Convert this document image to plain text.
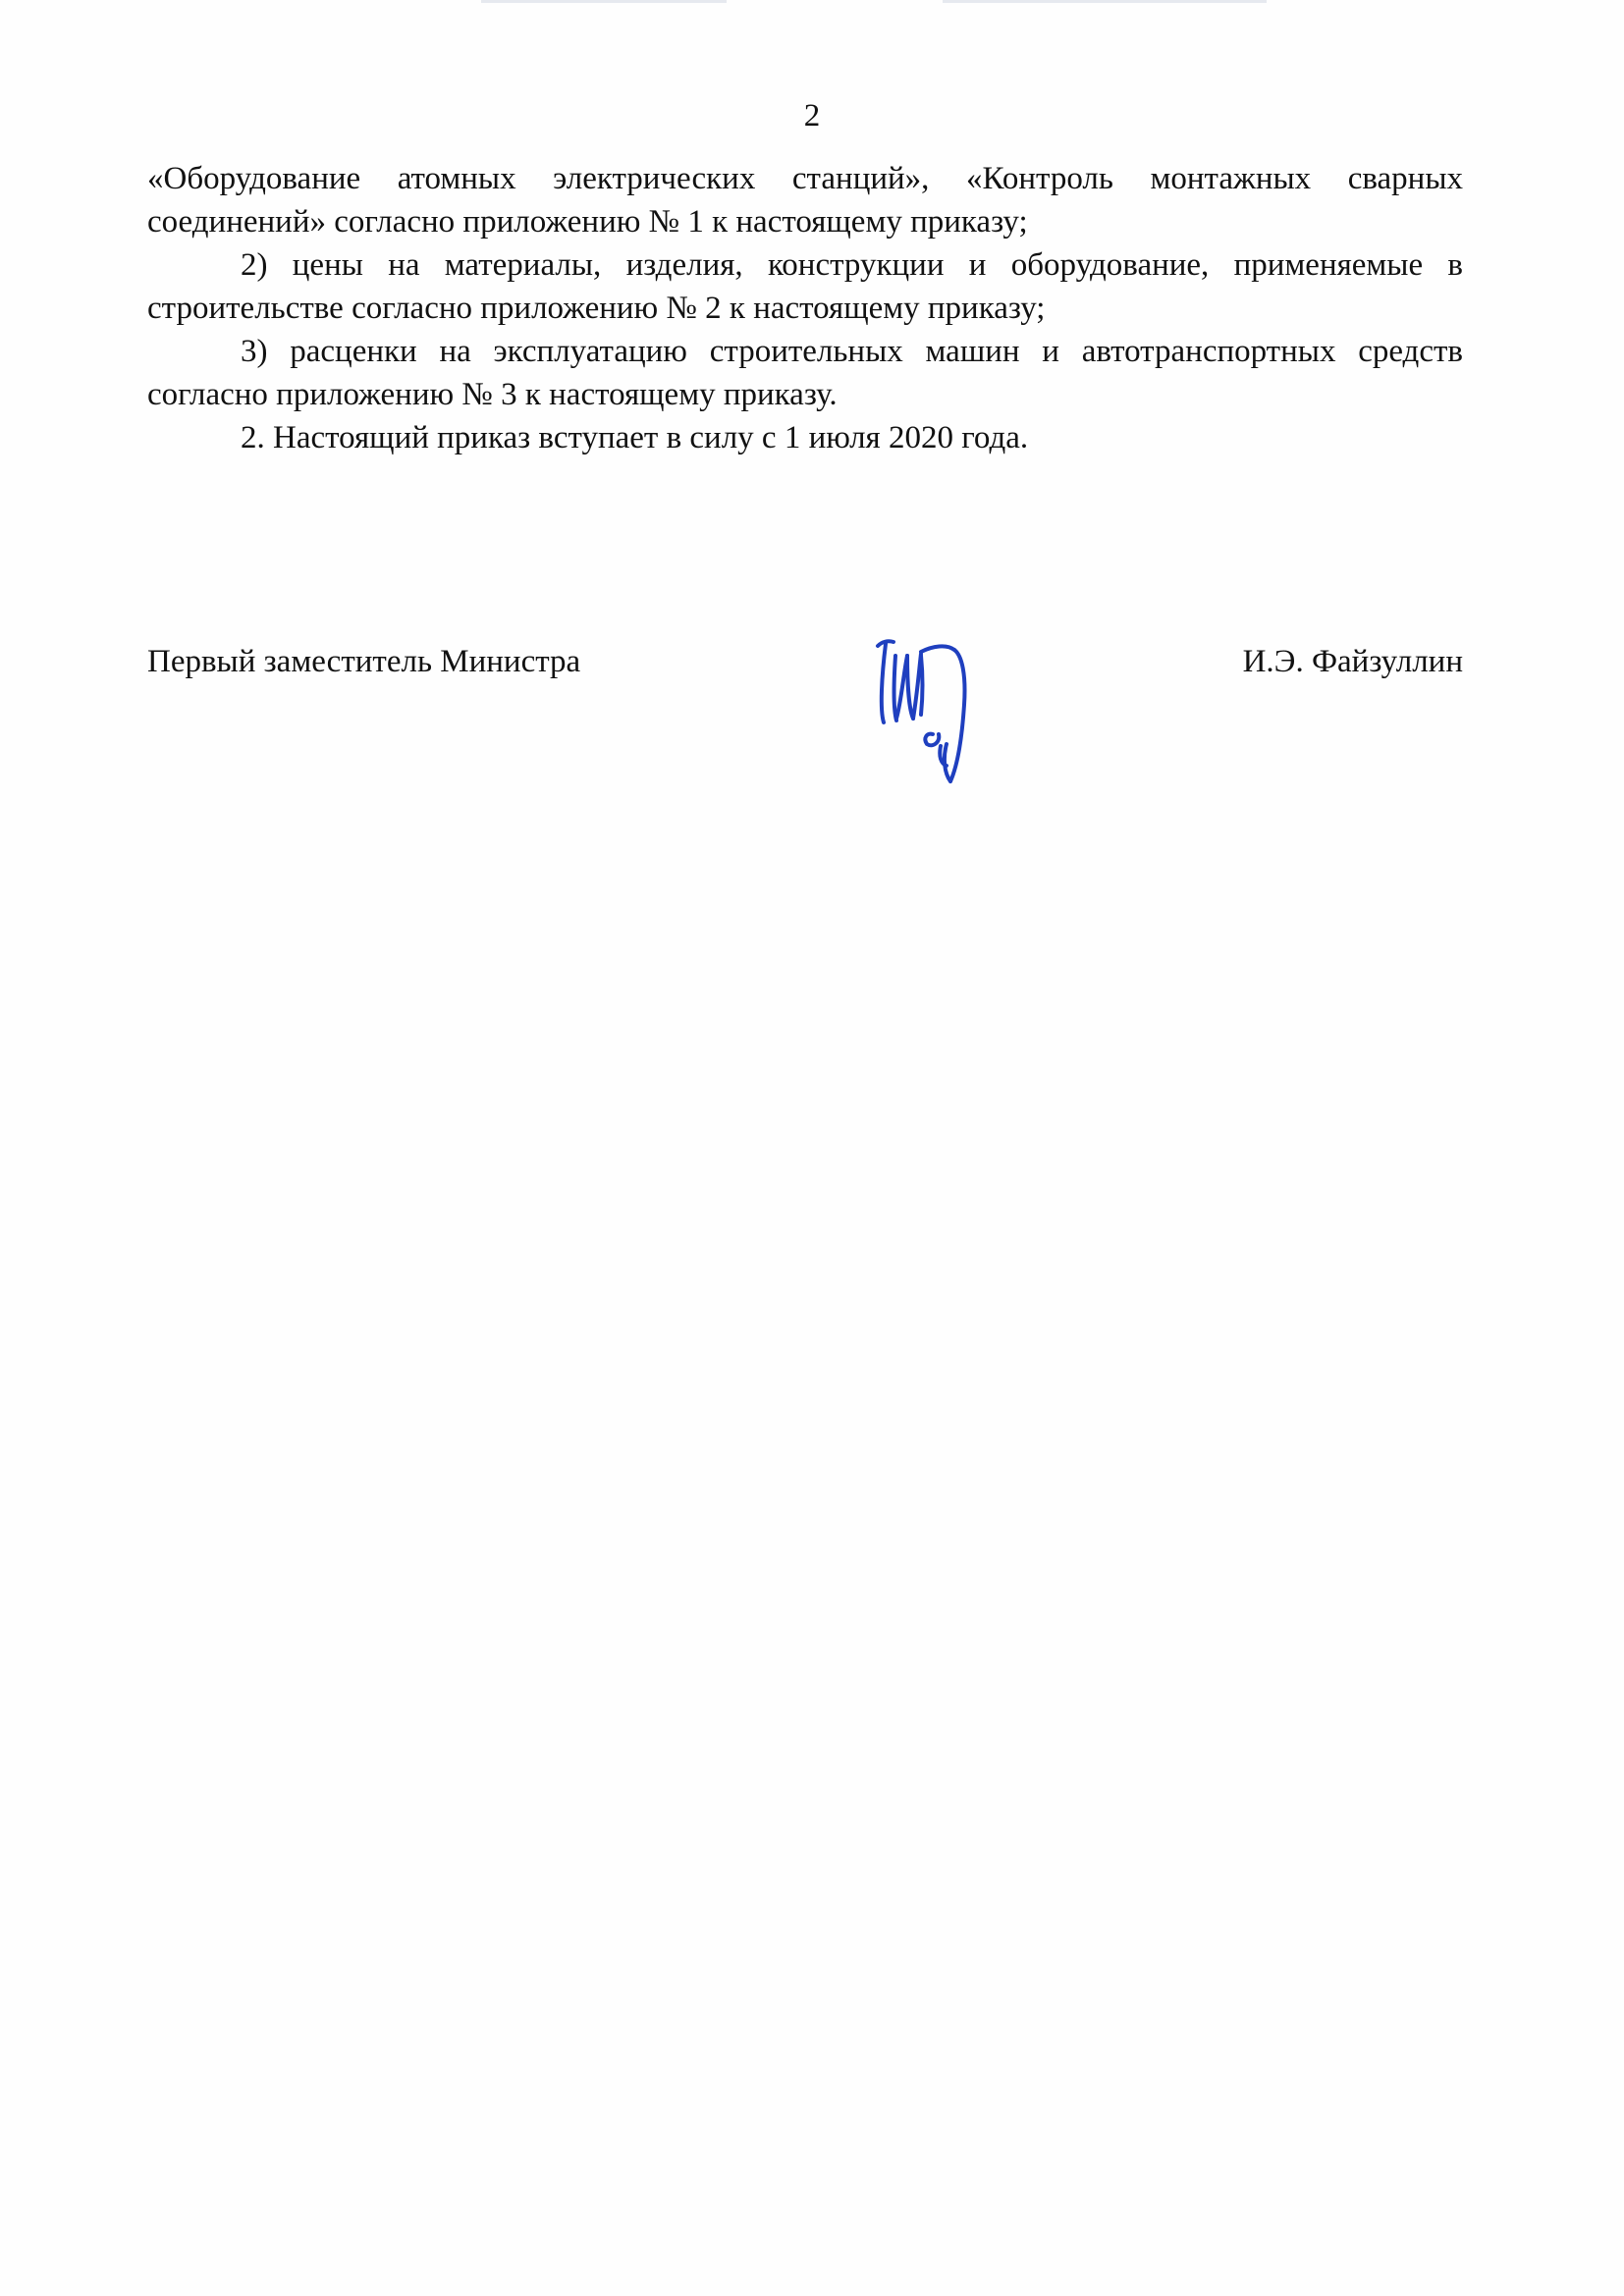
2

«Оборудование атомных электрических станций», «Контроль монтажных сварных соединений» согласно приложению № 1 к настоящему приказу;

2) цены на материалы, изделия, конструкции и оборудование, применяемые в строительстве согласно приложению № 2 к настоящему приказу;

3) расценки на эксплуатацию строительных машин и автотранспортных средств согласно приложению № 3 к настоящему приказу.

2. Настоящий приказ вступает в силу с 1 июля 2020 года.

Первый заместитель Министра	И.Э. Файзуллин
